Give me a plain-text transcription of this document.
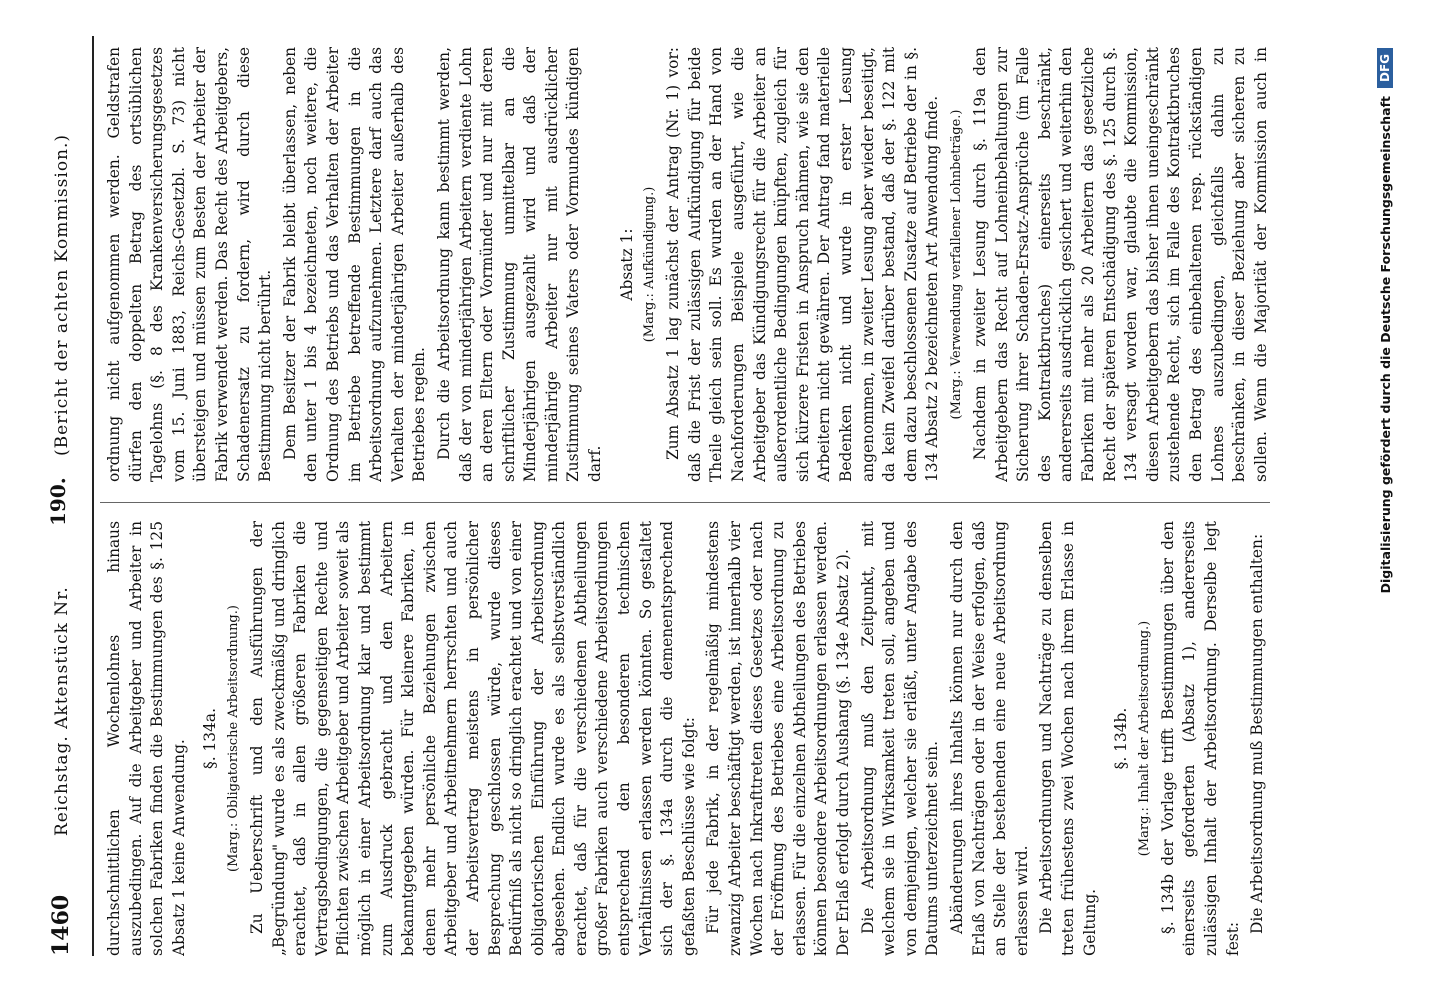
1460
Reichstag. Aktenstück Nr.
190.
(Bericht der achten Kommission.)

durchschnittlichen Wochenlohnes hinaus auszubedingen. Auf die Arbeitgeber und Arbeiter in solchen Fabriken finden die Bestimmungen des §. 125 Absatz 1 keine Anwendung.

§. 134a. (Marg.: Obligatorische Arbeitsordnung.) Zu Ueberschrift und den Ausführungen der „Begründung" wurde es als zweckmäßig und dringlich erachtet, daß in allen größeren Fabriken die Vertragsbedingungen, die gegenseitigen Rechte und Pflichten zwischen Arbeitgeber und Arbeiter soweit als möglich in einer Arbeitsordnung klar und bestimmt zum Ausdruck gebracht und den Arbeitern bekanntgegeben würden. Für kleinere Fabriken, in denen mehr persönliche Beziehungen zwischen Arbeitgeber und Arbeitnehmern herrschten und auch der Arbeitsvertrag meistens in persönlicher Besprechung geschlossen würde, wurde dieses Bedürfniß als nicht so dringlich erachtet und von einer obligatorischen Einführung der Arbeitsordnung abgesehen. Endlich wurde es als selbstverständlich erachtet, daß für die verschiedenen Abtheilungen großer Fabriken auch verschiedene Arbeitsordnungen entsprechend den besonderen technischen Verhältnissen erlassen werden könnten. So gestaltet sich der §. 134a durch die demenentsprechend gefaßten Beschlüsse wie folgt: Für jede Fabrik, in der regelmäßig mindestens zwanzig Arbeiter beschäftigt werden, ist innerhalb vier Wochen nach Inkrafttreten dieses Gesetzes oder nach der Eröffnung des Betriebes eine Arbeitsordnung zu erlassen. Für die einzelnen Abtheilungen des Betriebes können besondere Arbeitsordnungen erlassen werden. Der Erlaß erfolgt durch Aushang (§. 134e Absatz 2). Die Arbeitsordnung muß den Zeitpunkt, mit welchem sie in Wirksamkeit treten soll, angeben und von demjenigen, welcher sie erläßt, unter Angabe des Datums unterzeichnet sein. Abänderungen ihres Inhalts können nur durch den Erlaß von Nachträgen oder in der Weise erfolgen, daß an Stelle der bestehenden eine neue Arbeitsordnung erlassen wird. Die Arbeitsordnungen und Nachträge zu denselben treten frühestens zwei Wochen nach ihrem Erlasse in Geltung.

§. 134b. (Marg.: Inhalt der Arbeitsordnung.) §. 134b der Vorlage trifft Bestimmungen über den einerseits geforderten (Absatz 1), andererseits zulässigen Inhalt der Arbeitsordnung. Derselbe legt fest:

Die Arbeitsordnung muß Bestimmungen enthalten:

ordnung nicht aufgenommen werden. Geldstrafen dürfen den doppelten Betrag des ortsüblichen Tagelohns (§. 8 des Krankenversicherungsgesetzes vom 15. Juni 1883, Reichs-Gesetzbl. S. 73) nicht übersteigen und müssen zum Besten der Arbeiter der Fabrik verwendet werden. Das Recht des Arbeitgebers, Schadenersatz zu fordern, wird durch diese Bestimmung nicht berührt. Dem Besitzer der Fabrik bleibt überlassen, neben den unter 1 bis 4 bezeichneten, noch weitere, die Ordnung des Betriebs und das Verhalten der Arbeiter im Betriebe betreffende Bestimmungen in die Arbeitsordnung aufzunehmen. Letztere darf auch das Verhalten der minderjährigen Arbeiter außerhalb des Betriebes regeln. Durch die Arbeitsordnung kann bestimmt werden, daß der von minderjährigen Arbeitern verdiente Lohn an deren Eltern oder Vormünder und nur mit deren schriftlicher Zustimmung unmittelbar an die Minderjährigen ausgezahlt wird und daß der minderjährige Arbeiter nur mit ausdrücklicher Zustimmung seines Vaters oder Vormundes kündigen darf.

Absatz 1: (Marg.: Aufkündigung.) Zum Absatz 1 lag zunächst der Antrag (Nr. 1) vor: daß die Frist der zulässigen Aufkündigung für beide Theile gleich sein soll. Es wurden an der Hand von Nachforderungen Beispiele ausgeführt, wie die Arbeitgeber das Kündigungsrecht für die Arbeiter an außerordentliche Bedingungen knüpften, zugleich für sich kürzere Fristen in Anspruch nähmen, wie sie den Arbeitern nicht gewähren. Der Antrag fand materielle Bedenken nicht und wurde in erster Lesung angenommen, in zweiter Lesung aber wieder beseitigt, da kein Zweifel darüber bestand, daß der §. 122 mit dem dazu beschlossenen Zusatze auf Betriebe der in §. 134 Absatz 2 bezeichneten Art Anwendung finde. (Marg.: Verwendung verfallener Lohnbeträge.)

Nachdem in zweiter Lesung durch §. 119a den Arbeitgebern das Recht auf Lohneinbehaltungen zur Sicherung ihrer Schaden-Ersatz-Ansprüche (im Falle des Kontraktbruches) einerseits beschränkt, andererseits ausdrücklich gesichert und weiterhin den Fabriken mit mehr als 20 Arbeitern das gesetzliche Recht der späteren Entschädigung des §. 125 durch §. 134 versagt worden war, glaubte die Kommission, diesen Arbeitgebern das bisher ihnen uneingeschränkt zustehende Recht, sich im Falle des Kontraktbruches den Betrag des einbehaltenen resp. rückständigen Lohnes auszubedingen, gleichfalls dahin zu beschränken, in dieser Beziehung aber sicheren zu sollen. Wenn die Majorität der Kommission auch in

Digitalisierung gefördert durch die Deutsche Forschungsgemeinschaft
DFG
